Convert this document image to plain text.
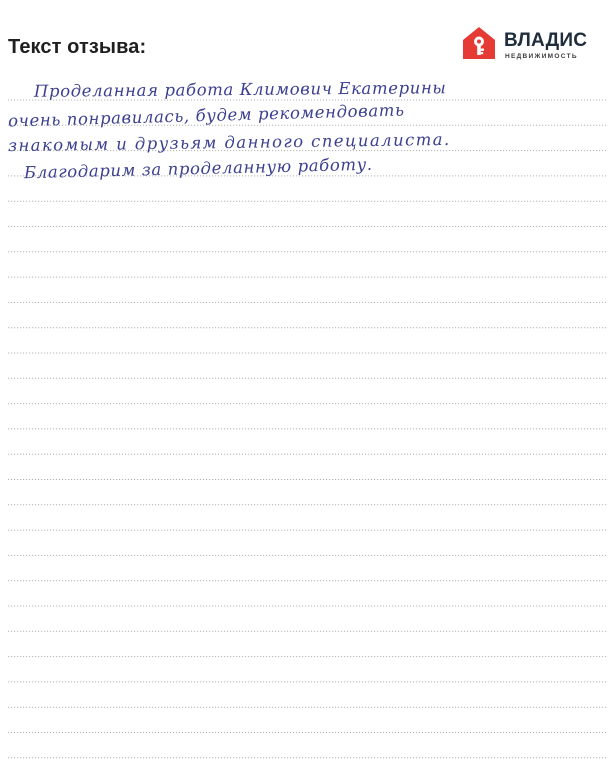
Текст отзыва:	ВЛАДИС
НЕДВИЖИМОСТЬ
Проделанная работа Климович Екатерины
очень понравилась, будем рекомендовать
знакомым и друзьям данного специалиста.
Благодарим за проделанную работу.
